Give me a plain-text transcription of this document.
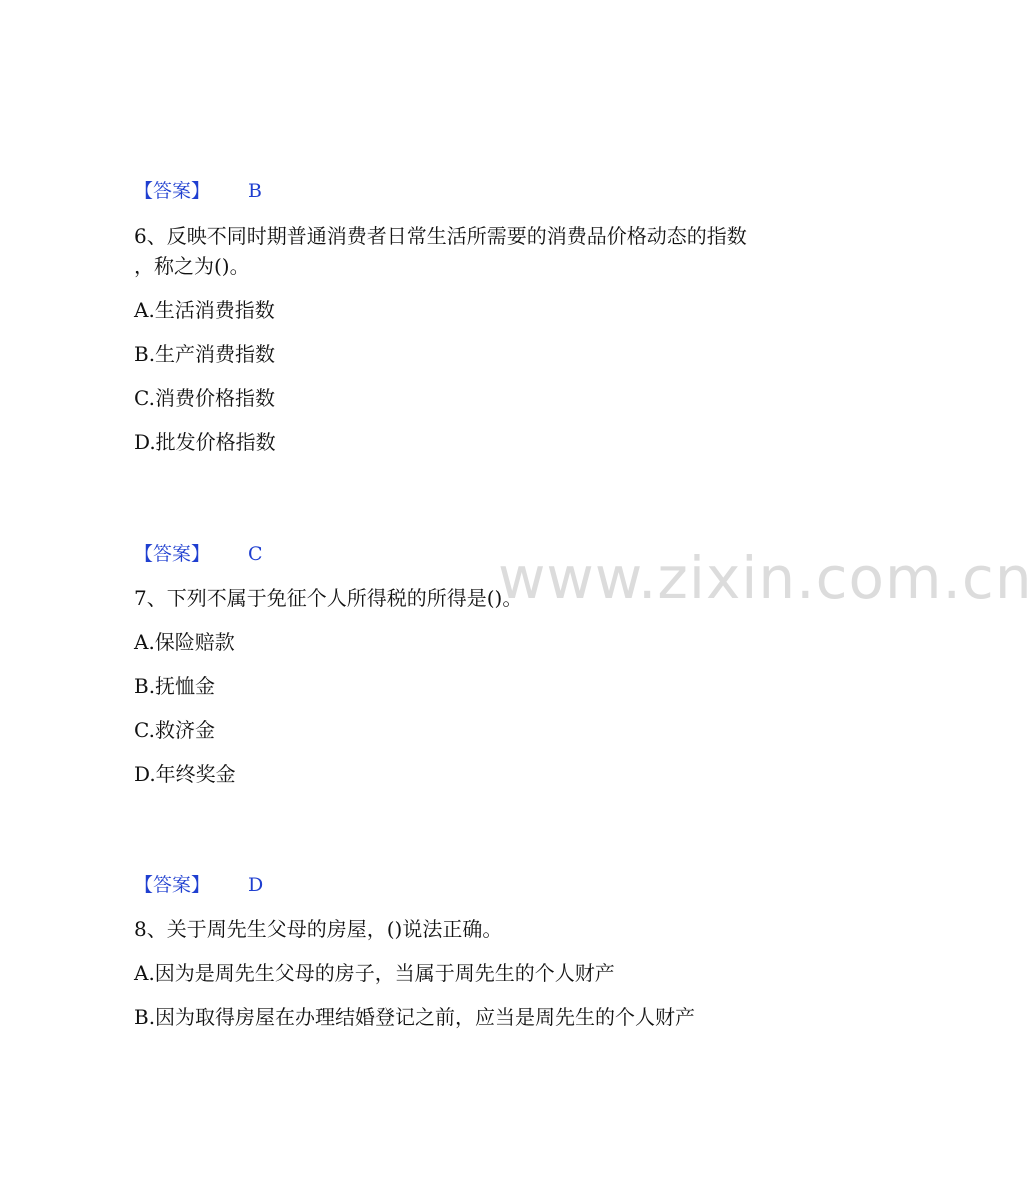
www.zixin.com.cn
【答案】 B
6、反映不同时期普通消费者日常生活所需要的消费品价格动态的指数
，称之为()。
A.生活消费指数
B.生产消费指数
C.消费价格指数
D.批发价格指数
【答案】 C
7、下列不属于免征个人所得税的所得是()。
A.保险赔款
B.抚恤金
C.救济金
D.年终奖金
【答案】 D
8、关于周先生父母的房屋，()说法正确。
A.因为是周先生父母的房子，当属于周先生的个人财产
B.因为取得房屋在办理结婚登记之前，应当是周先生的个人财产
